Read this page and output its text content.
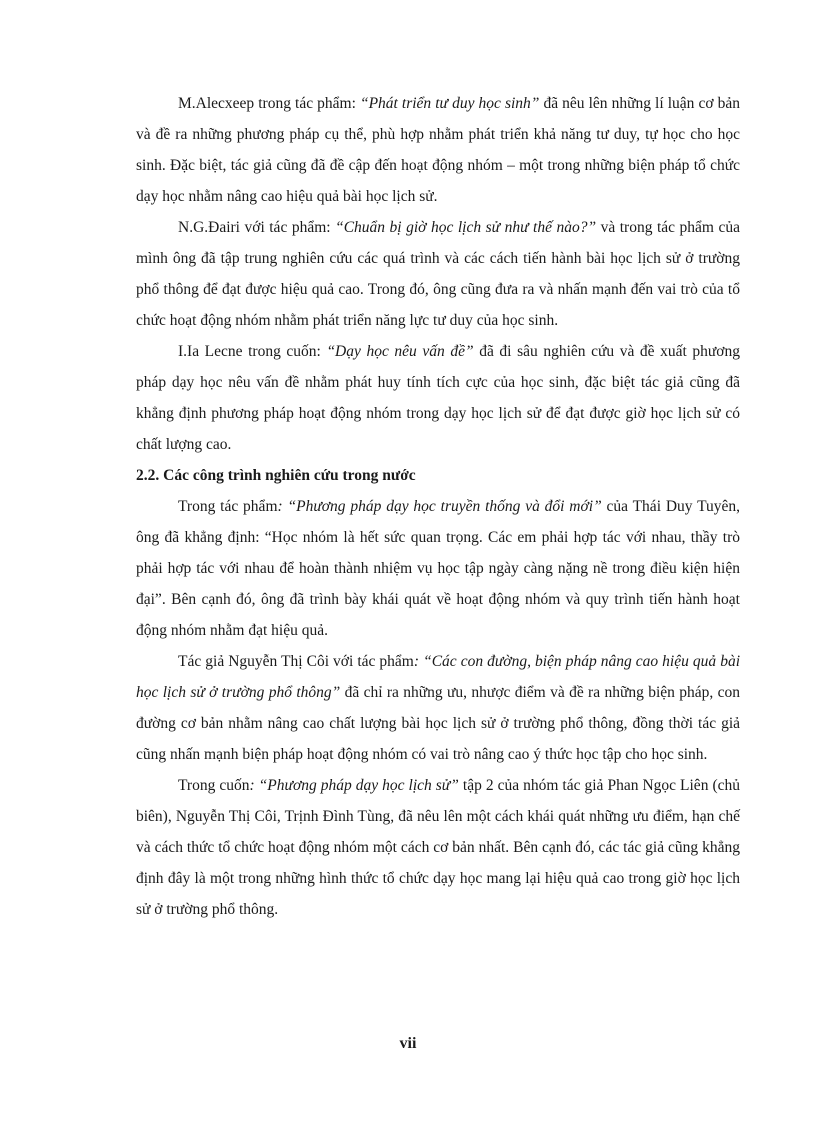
M.Alecxeep trong tác phẩm: “Phát triển tư duy học sinh” đã nêu lên những lí luận cơ bản và đề ra những phương pháp cụ thể, phù hợp nhằm phát triển khả năng tư duy, tự học cho học sinh. Đặc biệt, tác giả cũng đã đề cập đến hoạt động nhóm – một trong những biện pháp tổ chức dạy học nhằm nâng cao hiệu quả bài học lịch sử.

N.G.Đairi với tác phẩm: “Chuẩn bị giờ học lịch sử như thế nào?” và trong tác phẩm của mình ông đã tập trung nghiên cứu các quá trình và các cách tiến hành bài học lịch sử ở trường phổ thông để đạt được hiệu quả cao. Trong đó, ông cũng đưa ra và nhấn mạnh đến vai trò của tổ chức hoạt động nhóm nhằm phát triển năng lực tư duy của học sinh.

I.Ia Lecne trong cuốn: “Dạy học nêu vấn đề” đã đi sâu nghiên cứu và đề xuất phương pháp dạy học nêu vấn đề nhằm phát huy tính tích cực của học sinh, đặc biệt tác giả cũng đã khẳng định phương pháp hoạt động nhóm trong dạy học lịch sử để đạt được giờ học lịch sử có chất lượng cao.

2.2. Các công trình nghiên cứu trong nước

Trong tác phẩm: “Phương pháp dạy học truyền thống và đổi mới” của Thái Duy Tuyên, ông đã khẳng định: “Học nhóm là hết sức quan trọng. Các em phải hợp tác với nhau, thầy trò phải hợp tác với nhau để hoàn thành nhiệm vụ học tập ngày càng nặng nề trong điều kiện hiện đại”. Bên cạnh đó, ông đã trình bày khái quát về hoạt động nhóm và quy trình tiến hành hoạt động nhóm nhằm đạt hiệu quả.

Tác giả Nguyễn Thị Côi với tác phẩm: “Các con đường, biện pháp nâng cao hiệu quả bài học lịch sử ở trường phổ thông” đã chỉ ra những ưu, nhược điểm và đề ra những biện pháp, con đường cơ bản nhằm nâng cao chất lượng bài học lịch sử ở trường phổ thông, đồng thời tác giả cũng nhấn mạnh biện pháp hoạt động nhóm có vai trò nâng cao ý thức học tập cho học sinh.

Trong cuốn: “Phương pháp dạy học lịch sử” tập 2 của nhóm tác giả Phan Ngọc Liên (chủ biên), Nguyễn Thị Côi, Trịnh Đình Tùng, đã nêu lên một cách khái quát những ưu điểm, hạn chế và cách thức tổ chức hoạt động nhóm một cách cơ bản nhất. Bên cạnh đó, các tác giả cũng khẳng định đây là một trong những hình thức tổ chức dạy học mang lại hiệu quả cao trong giờ học lịch sử ở trường phổ thông.

vii
